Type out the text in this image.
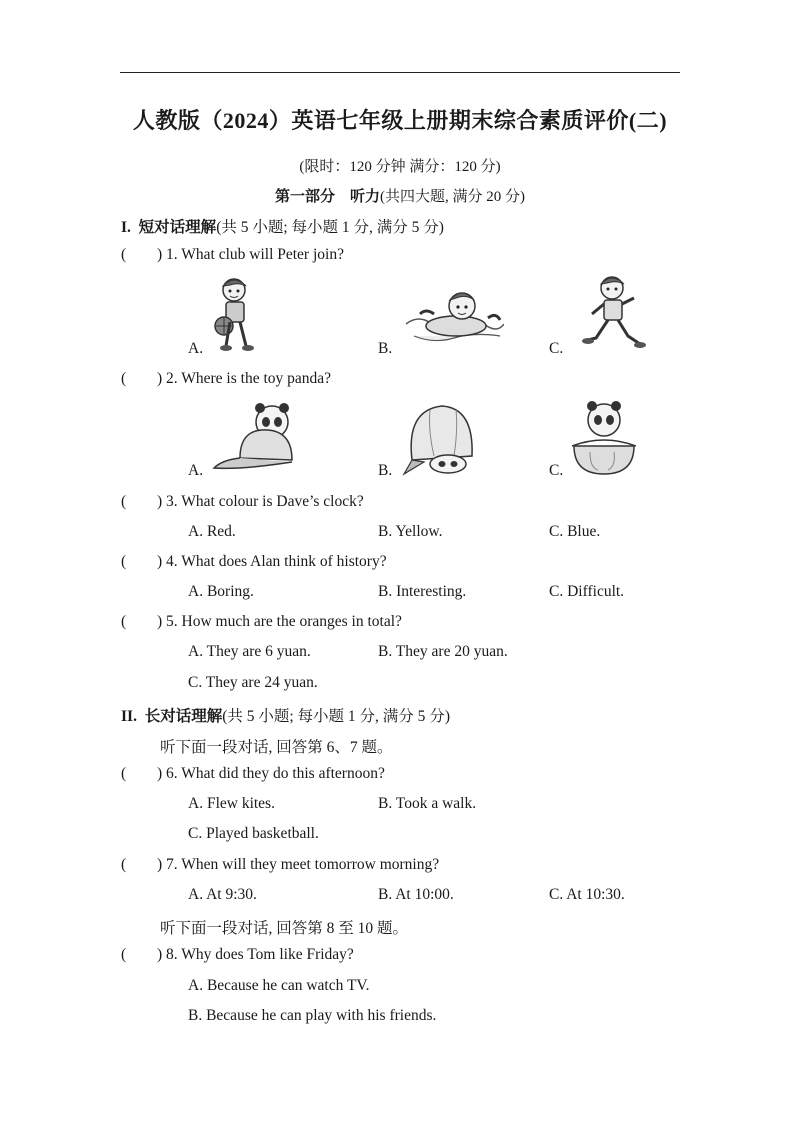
人教版（2024）英语七年级上册期末综合素质评价(二)
(限时：120 分钟 满分：120 分)
第一部分　听力(共四大题, 满分 20 分)
I. 短对话理解(共 5 小题; 每小题 1 分, 满分 5 分)
( ) 1. What club will Peter join?
A.	B.	C.
( ) 2. Where is the toy panda?
A.	B.	C.
( ) 3. What colour is Dave’s clock?
A. Red.	B. Yellow.	C. Blue.
( ) 4. What does Alan think of history?
A. Boring.	B. Interesting.	C. Difficult.
( ) 5. How much are the oranges in total?
A. They are 6 yuan.	B. They are 20 yuan.
C. They are 24 yuan.
II. 长对话理解(共 5 小题; 每小题 1 分, 满分 5 分)
听下面一段对话, 回答第 6、7 题。
( ) 6. What did they do this afternoon?
A. Flew kites.	B. Took a walk.
C. Played basketball.
( ) 7. When will they meet tomorrow morning?
A. At 9:30.	B. At 10:00.	C. At 10:30.
听下面一段对话, 回答第 8 至 10 题。
( ) 8. Why does Tom like Friday?
A. Because he can watch TV.
B. Because he can play with his friends.
